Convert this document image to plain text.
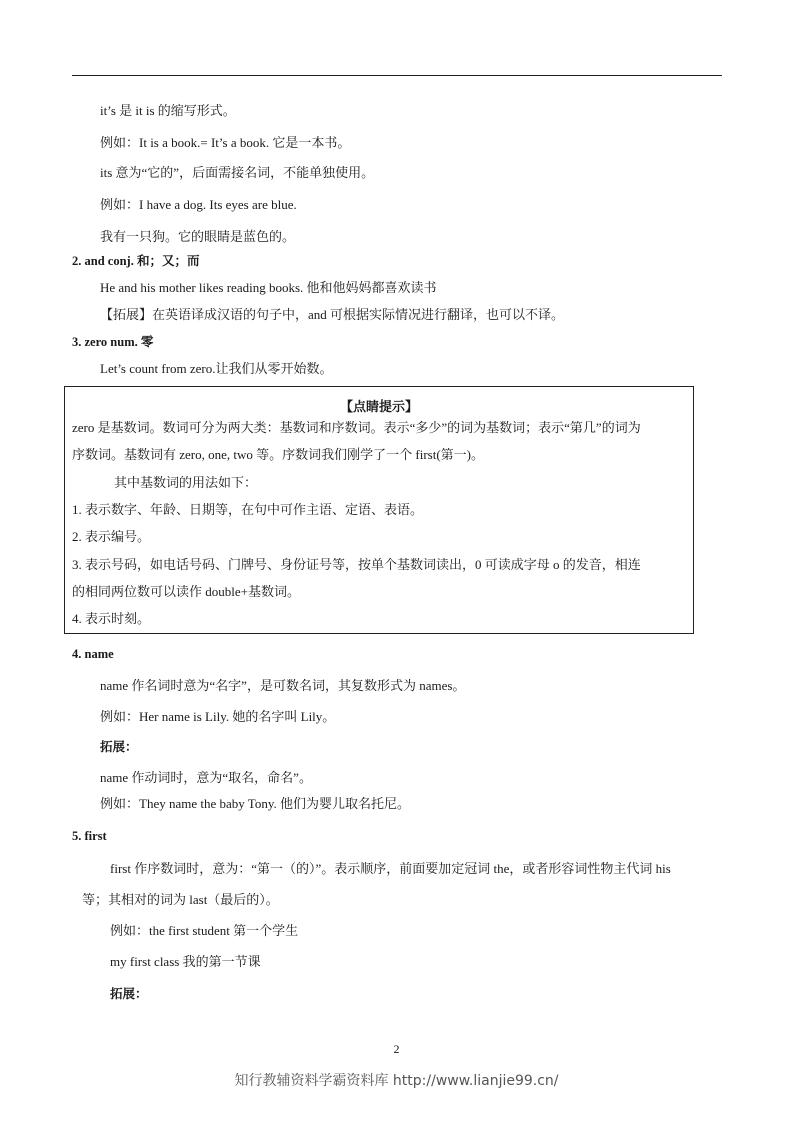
it’s 是 it is 的缩写形式。
例如：It is a book.= It’s a book. 它是一本书。
its 意为“它的”，后面需接名词，不能单独使用。
例如：I have a dog. Its eyes are blue.
我有一只狗。它的眼睛是蓝色的。
2. and conj. 和；又；而
He and his mother likes reading books. 他和他妈妈都喜欢读书
【拓展】在英语译成汉语的句子中，and 可根据实际情况进行翻译，也可以不译。
3. zero num. 零
Let’s count from zero.让我们从零开始数。
【点睛提示】
zero 是基数词。数词可分为两大类：基数词和序数词。表示“多少”的词为基数词；表示“第几”的词为
序数词。基数词有 zero, one, two 等。序数词我们刚学了一个 first(第一)。
其中基数词的用法如下：
1. 表示数字、年龄、日期等，在句中可作主语、定语、表语。
2. 表示编号。
3. 表示号码，如电话号码、门牌号、身份证号等，按单个基数词读出，0 可读成字母 o 的发音，相连
的相同两位数可以读作 double+基数词。
4. 表示时刻。
4. name
name 作名词时意为“名字”，是可数名词，其复数形式为 names。
例如：Her name is Lily. 她的名字叫 Lily。
拓展：
name 作动词时，意为“取名，命名”。
例如：They name the baby Tony. 他们为婴儿取名托尼。
5. first
first 作序数词时，意为：“第一（的）”。表示顺序，前面要加定冠词 the，或者形容词性物主代词 his
等；其相对的词为 last（最后的）。
例如：the first student 第一个学生
my first class 我的第一节课
拓展：
2
知行教辅资料学霸资料库 http://www.lianjie99.cn/
